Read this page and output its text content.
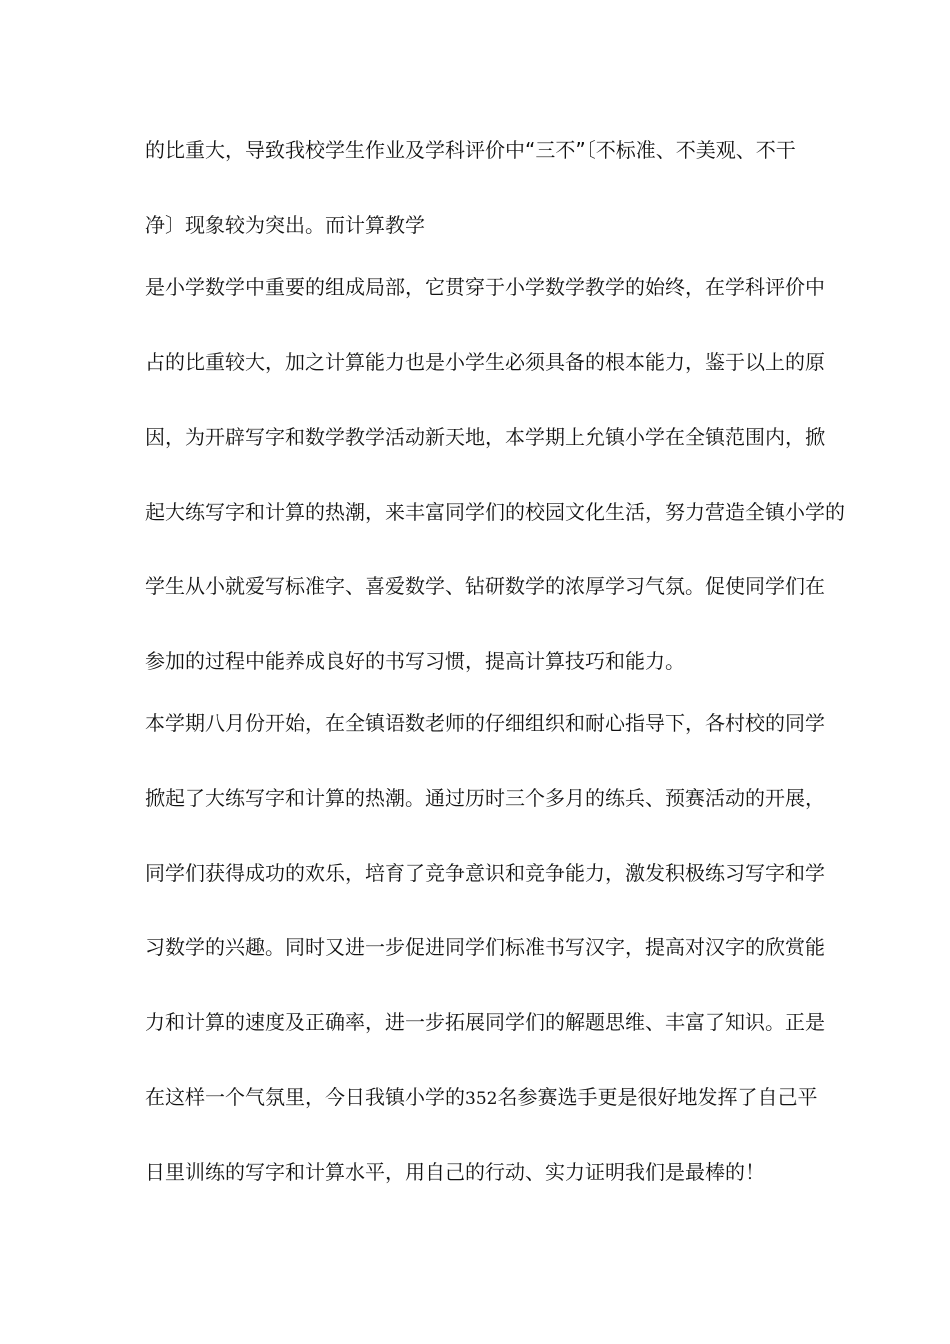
的比重大，导致我校学生作业及学科评价中“三不”〔不标准、不美观、不干
净〕现象较为突出。而计算教学
是小学数学中重要的组成局部，它贯穿于小学数学教学的始终，在学科评价中
占的比重较大，加之计算能力也是小学生必须具备的根本能力，鉴于以上的原
因，为开辟写字和数学教学活动新天地，本学期上允镇小学在全镇范围内，掀
起大练写字和计算的热潮，来丰富同学们的校园文化生活，努力营造全镇小学的
学生从小就爱写标准字、喜爱数学、钻研数学的浓厚学习气氛。促使同学们在
参加的过程中能养成良好的书写习惯，提高计算技巧和能力。
本学期八月份开始，在全镇语数老师的仔细组织和耐心指导下，各村校的同学
掀起了大练写字和计算的热潮。通过历时三个多月的练兵、预赛活动的开展，
同学们获得成功的欢乐，培育了竞争意识和竞争能力，激发积极练习写字和学
习数学的兴趣。同时又进一步促进同学们标准书写汉字，提高对汉字的欣赏能
力和计算的速度及正确率，进一步拓展同学们的解题思维、丰富了知识。正是
在这样一个气氛里，今日我镇小学的352名参赛选手更是很好地发挥了自己平
日里训练的写字和计算水平，用自己的行动、实力证明我们是最棒的！
